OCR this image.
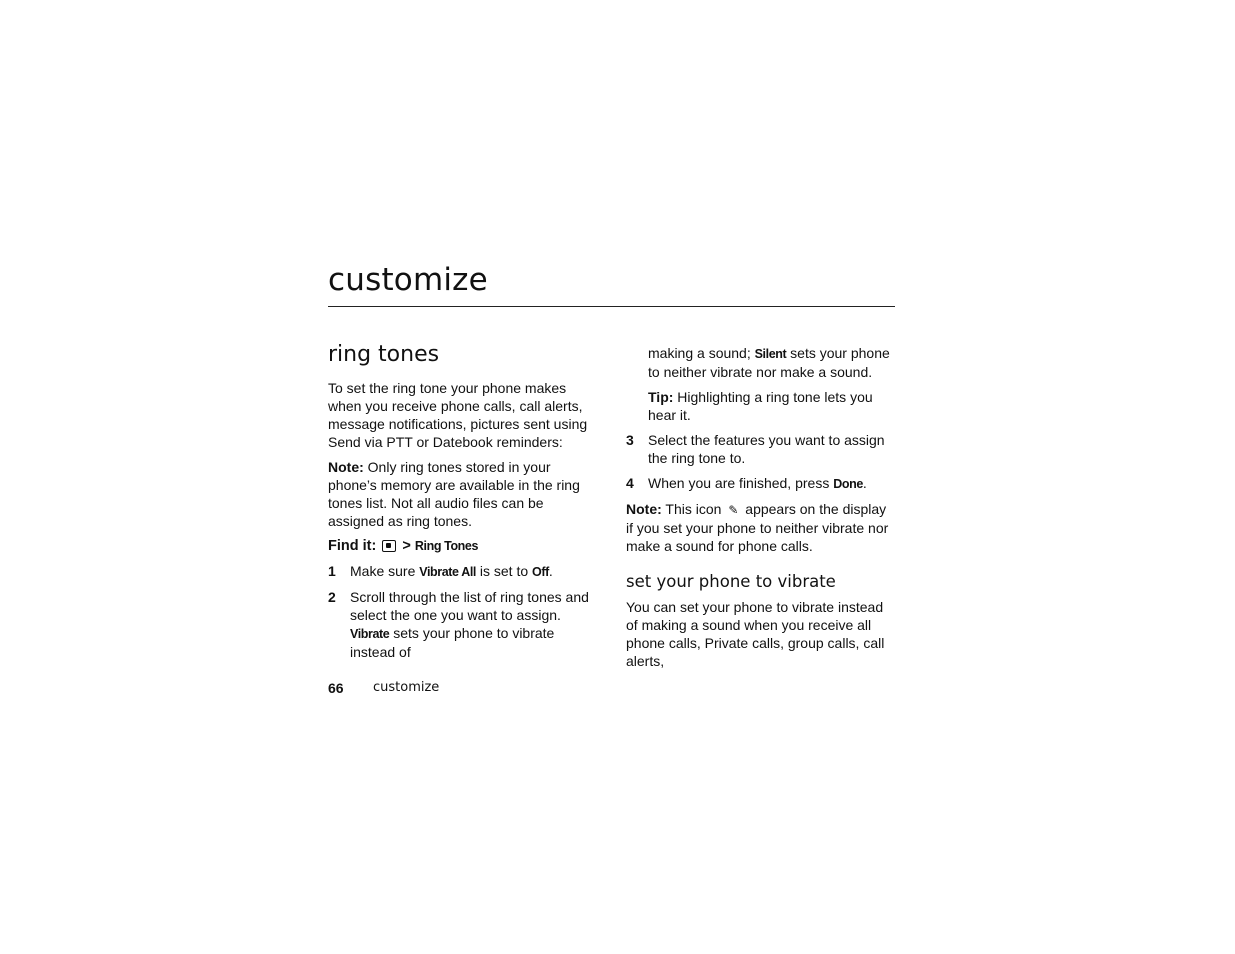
customize
ring tones

To set the ring tone your phone makes when you receive phone calls, call alerts, message notifications, pictures sent using Send via PTT or Datebook reminders:

Note: Only ring tones stored in your phone’s memory are available in the ring tones list. Not all audio files can be assigned as ring tones.

Find it:  > Ring Tones
1	Make sure Vibrate All is set to Off.
2	Scroll through the list of ring tones and select the one you want to assign. Vibrate sets your phone to vibrate instead of

making a sound; Silent sets your phone to neither vibrate nor make a sound.

Tip: Highlighting a ring tone lets you hear it.

3	Select the features you want to assign the ring tone to.
4	When you are finished, press Done.

Note: This icon ✎ appears on the display if you set your phone to neither vibrate nor make a sound for phone calls.

set your phone to vibrate

You can set your phone to vibrate instead of making a sound when you receive all phone calls, Private calls, group calls, call alerts,

66 customize
